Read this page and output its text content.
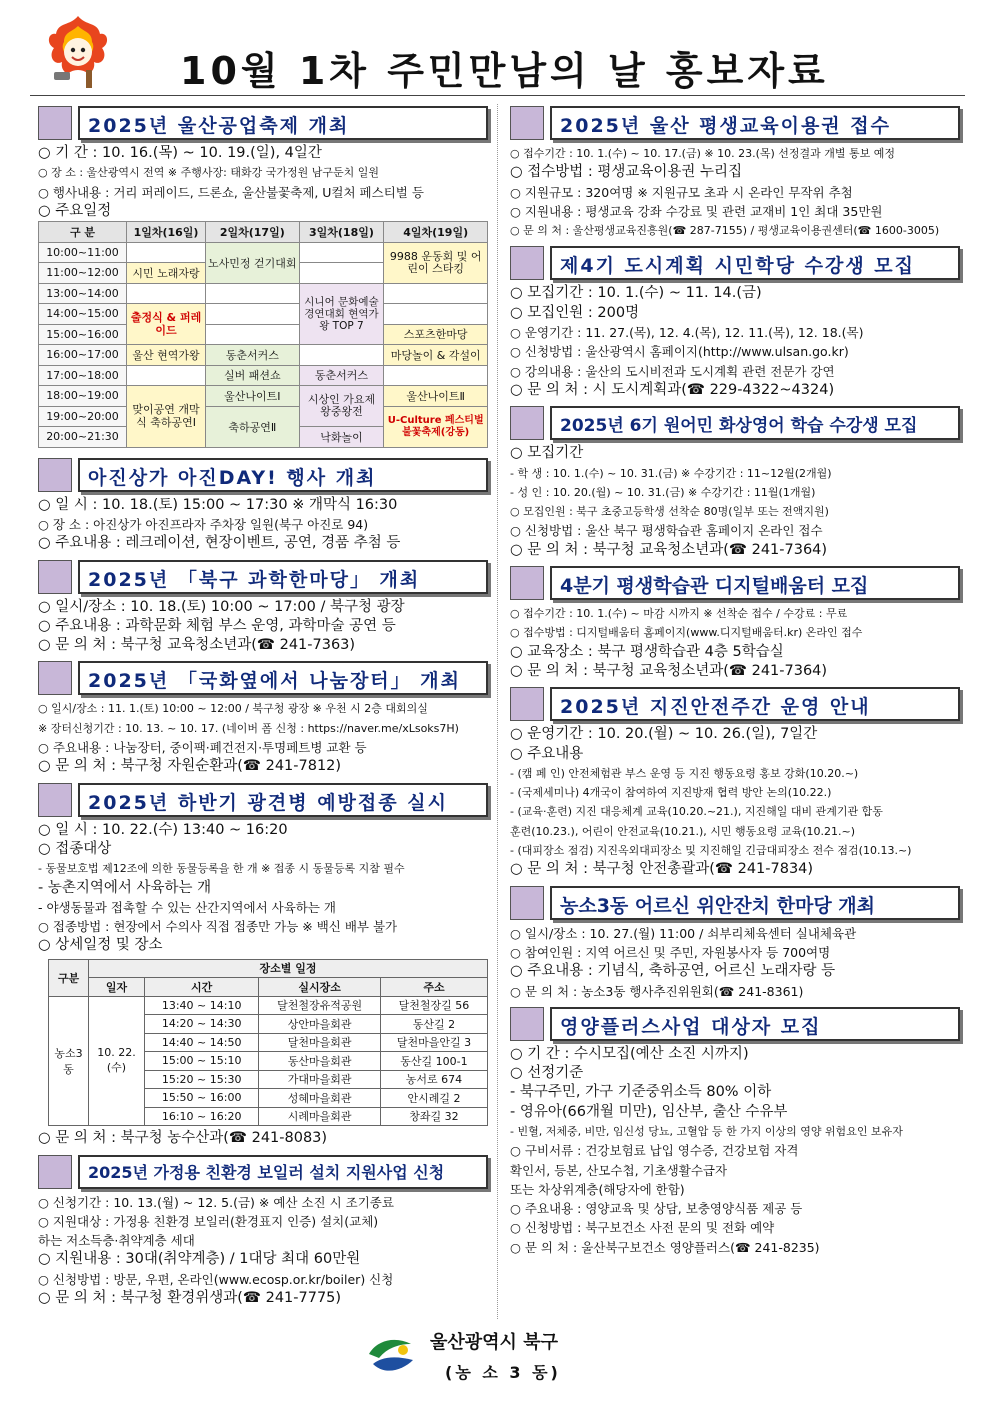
10월 1차 주민만남의 날 홍보자료
2025년 울산공업축제 개최
○ 기 간 : 10. 16.(목) ~ 10. 19.(일), 4일간
○ 장 소 : 울산광역시 전역 ※ 주행사장: 태화강 국가정원 남구둔치 일원
○ 행사내용 : 거리 퍼레이드, 드론쇼, 울산불꽃축제, U컬처 페스티벌 등
○ 주요일정
구 분	1일차(16일)	2일차(17일)	3일차(18일)	4일차(19일)
10:00~11:00		노사민정 걷기대회		9988 운동회 및 어린이 스타킹
11:00~12:00	시민 노래자랑			
13:00~14:00			시니어 문화예술 경연대회 현역가왕 TOP 7	
14:00~15:00	출정식 & 퍼레이드			
15:00~16:00				스포츠한마당
16:00~17:00	울산 현역가왕	동춘서커스		마당놀이 & 각설이
17:00~18:00		실버 패션쇼	동춘서커스	
18:00~19:00	맞이공연 개막식 축하공연Ⅰ	울산나이트Ⅰ	시상인 가요제 왕중왕전	울산나이트Ⅱ
19:00~20:00		축하공연Ⅱ		U-Culture 페스티벌 불꽃축제(강동)
20:00~21:30			낙화놀이	
아진상가 아진DAY! 행사 개최
○ 일 시 : 10. 18.(토) 15:00 ~ 17:30 ※ 개막식 16:30
○ 장 소 : 아진상가 아진프라자 주차장 일원(북구 아진로 94)
○ 주요내용 : 레크레이션, 현장이벤트, 공연, 경품 추첨 등
2025년 「북구 과학한마당」 개최
○ 일시/장소 : 10. 18.(토) 10:00 ~ 17:00 / 북구청 광장
○ 주요내용 : 과학문화 체험 부스 운영, 과학마술 공연 등
○ 문 의 처 : 북구청 교육청소년과(☎ 241-7363)
2025년 「국화옆에서 나눔장터」 개최
○ 일시/장소 : 11. 1.(토) 10:00 ~ 12:00 / 북구청 광장 ※ 우천 시 2층 대회의실
※ 장터신청기간 : 10. 13. ~ 10. 17. (네이버 폼 신청 : https://naver.me/xLsoks7H)
○ 주요내용 : 나눔장터, 중이팩·폐건전지·투명페트병 교환 등
○ 문 의 처 : 북구청 자원순환과(☎ 241-7812)
2025년 하반기 광견병 예방접종 실시
○ 일 시 : 10. 22.(수) 13:40 ~ 16:20
○ 접종대상
- 동물보호법 제12조에 의한 동물등록을 한 개 ※ 접종 시 동물등록 지참 필수
- 농촌지역에서 사육하는 개
- 야생동물과 접촉할 수 있는 산간지역에서 사육하는 개
○ 접종방법 : 현장에서 수의사 직접 접종만 가능 ※ 백신 배부 불가
○ 상세일정 및 장소
구분	장소별 일정			
	일자	시간	실시장소	주소
농소3동	10. 22.(수)	13:40 ~ 14:10	달천철장유적공원	달천철장길 56
		14:20 ~ 14:30	상안마을회관	동산길 2
		14:40 ~ 14:50	달천마을회관	달천마을안길 3
		15:00 ~ 15:10	동산마을회관	동산길 100-1
		15:20 ~ 15:30	가대마을회관	농서로 674
		15:50 ~ 16:00	성혜마을회관	안시례길 2
		16:10 ~ 16:20	시례마을회관	창좌길 32
○ 문 의 처 : 북구청 농수산과(☎ 241-8083)
2025년 가정용 친환경 보일러 설치 지원사업 신청
○ 신청기간 : 10. 13.(월) ~ 12. 5.(금) ※ 예산 소진 시 조기종료
○ 지원대상 : 가정용 친환경 보일러(환경표지 인증) 설치(교체)
하는 저소득층·취약계층 세대
○ 지원내용 : 30대(취약계층) / 1대당 최대 60만원
○ 신청방법 : 방문, 우편, 온라인(www.ecosp.or.kr/boiler) 신청
○ 문 의 처 : 북구청 환경위생과(☎ 241-7775)
2025년 울산 평생교육이용권 접수
○ 접수기간 : 10. 1.(수) ~ 10. 17.(금) ※ 10. 23.(목) 선정결과 개별 통보 예정
○ 접수방법 : 평생교육이용권 누리집
○ 지원규모 : 320여명 ※ 지원규모 초과 시 온라인 무작위 추첨
○ 지원내용 : 평생교육 강좌 수강료 및 관련 교재비 1인 최대 35만원
○ 문 의 처 : 울산평생교육진흥원(☎ 287-7155) / 평생교육이용권센터(☎ 1600-3005)
제4기 도시계획 시민학당 수강생 모집
○ 모집기간 : 10. 1.(수) ~ 11. 14.(금)
○ 모집인원 : 200명
○ 운영기간 : 11. 27.(목), 12. 4.(목), 12. 11.(목), 12. 18.(목)
○ 신청방법 : 울산광역시 홈페이지(http://www.ulsan.go.kr)
○ 강의내용 : 울산의 도시비전과 도시계획 관련 전문가 강연
○ 문 의 처 : 시 도시계획과(☎ 229-4322~4324)
2025년 6기 원어민 화상영어 학습 수강생 모집
○ 모집기간
- 학 생 : 10. 1.(수) ~ 10. 31.(금) ※ 수강기간 : 11~12월(2개월)
- 성 인 : 10. 20.(월) ~ 10. 31.(금) ※ 수강기간 : 11월(1개월)
○ 모집인원 : 북구 초중고등학생 선착순 80명(일부 또는 전액지원)
○ 신청방법 : 울산 북구 평생학습관 홈페이지 온라인 접수
○ 문 의 처 : 북구청 교육청소년과(☎ 241-7364)
4분기 평생학습관 디지털배움터 모집
○ 접수기간 : 10. 1.(수) ~ 마감 시까지 ※ 선착순 접수 / 수강료 : 무료
○ 접수방법 : 디지털배움터 홈페이지(www.디지털배움터.kr) 온라인 접수
○ 교육장소 : 북구 평생학습관 4층 5학습실
○ 문 의 처 : 북구청 교육청소년과(☎ 241-7364)
2025년 지진안전주간 운영 안내
○ 운영기간 : 10. 20.(월) ~ 10. 26.(일), 7일간
○ 주요내용
- (캠 페 인) 안전체험관 부스 운영 등 지진 행동요령 홍보 강화(10.20.~)
- (국제세미나) 4개국이 참여하여 지진방재 협력 방안 논의(10.22.)
- (교육·훈련) 지진 대응체계 교육(10.20.~21.), 지진해일 대비 관계기관 합동
훈련(10.23.), 어린이 안전교육(10.21.), 시민 행동요령 교육(10.21.~)
- (대피장소 점검) 지진옥외대피장소 및 지진해일 긴급대피장소 전수 점검(10.13.~)
○ 문 의 처 : 북구청 안전총괄과(☎ 241-7834)
농소3동 어르신 위안잔치 한마당 개최
○ 일시/장소 : 10. 27.(월) 11:00 / 쇠부리체육센터 실내체육관
○ 참여인원 : 지역 어르신 및 주민, 자원봉사자 등 700여명
○ 주요내용 : 기념식, 축하공연, 어르신 노래자랑 등
○ 문 의 처 : 농소3동 행사추진위원회(☎ 241-8361)
영양플러스사업 대상자 모집
○ 기 간 : 수시모집(예산 소진 시까지)
○ 선정기준
- 북구주민, 가구 기준중위소득 80% 이하
- 영유아(66개월 미만), 임산부, 출산 수유부
- 빈혈, 저체중, 비만, 임신성 당뇨, 고혈압 등 한 가지 이상의 영양 위험요인 보유자
○ 구비서류 : 건강보험료 납입 영수증, 건강보험 자격
확인서, 등본, 산모수첩, 기초생활수급자
또는 차상위계층(해당자에 한함)
○ 주요내용 : 영양교육 및 상담, 보충영양식품 제공 등
○ 신청방법 : 북구보건소 사전 문의 및 전화 예약
○ 문 의 처 : 울산북구보건소 영양플러스(☎ 241-8235)
울산광역시 북구
(농 소 3 동)
